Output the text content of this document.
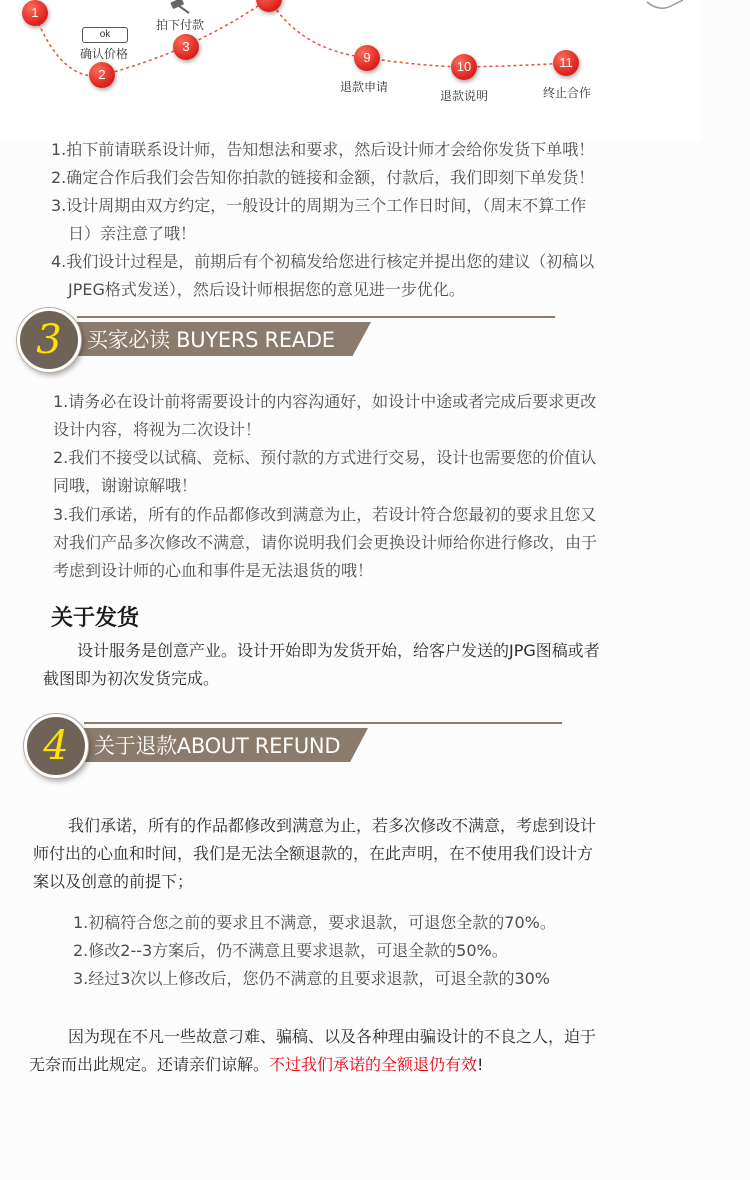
1
2
3
9
10	11
ok
确认价格
拍下付款
退款申请
退款说明	终止合作
1.拍下前请联系设计师，告知想法和要求，然后设计师才会给你发货下单哦！
2.确定合作后我们会告知你拍款的链接和金额，付款后，我们即刻下单发货！
3.设计周期由双方约定，一般设计的周期为三个工作日时间，（周末不算工作
日）亲注意了哦！
4.我们设计过程是，前期后有个初稿发给您进行核定并提出您的建议（初稿以
JPEG格式发送），然后设计师根据您的意见进一步优化。
3	买家必读 BUYERS READE
1.请务必在设计前将需要设计的内容沟通好，如设计中途或者完成后要求更改
设计内容，将视为二次设计！
2.我们不接受以试稿、竞标、预付款的方式进行交易，设计也需要您的价值认
同哦，谢谢谅解哦！
3.我们承诺，所有的作品都修改到满意为止，若设计符合您最初的要求且您又
对我们产品多次修改不满意，请你说明我们会更换设计师给你进行修改，由于
考虑到设计师的心血和事件是无法退货的哦！
关于发货
设计服务是创意产业。设计开始即为发货开始，给客户发送的JPG图稿或者
截图即为初次发货完成。
4	关于退款ABOUT REFUND
我们承诺，所有的作品都修改到满意为止，若多次修改不满意，考虑到设计
师付出的心血和时间，我们是无法全额退款的，在此声明，在不使用我们设计方
案以及创意的前提下；
1.初稿符合您之前的要求且不满意，要求退款，可退您全款的70%。
2.修改2--3方案后，仍不满意且要求退款，可退全款的50%。
3.经过3次以上修改后，您仍不满意的且要求退款，可退全款的30%
因为现在不凡一些故意刁难、骗稿、以及各种理由骗设计的不良之人，迫于
无奈而出此规定。还请亲们谅解。不过我们承诺的全额退仍有效!
